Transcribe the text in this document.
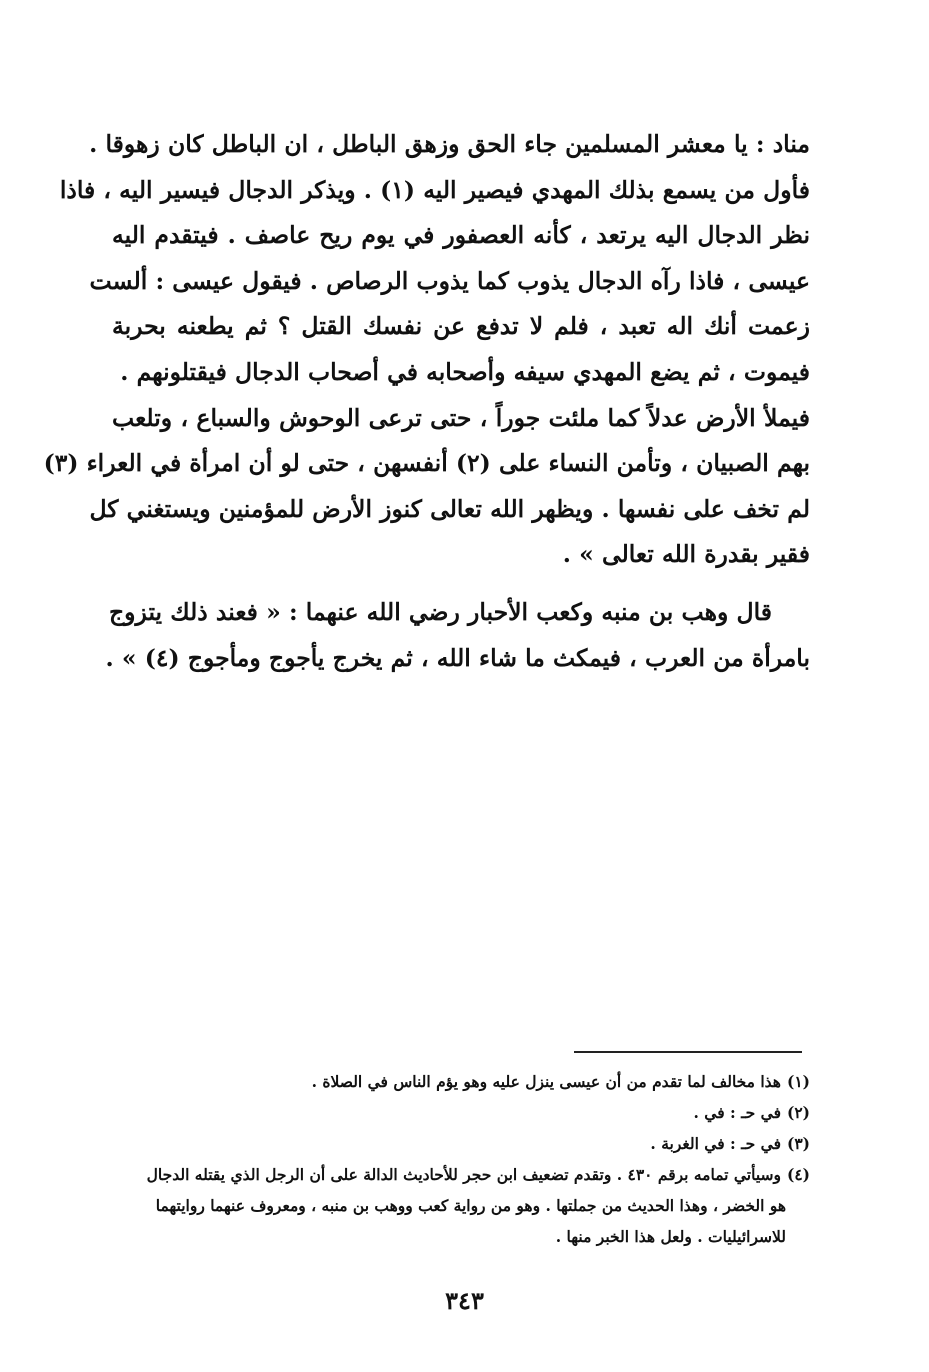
مناد : يا معشر المسلمين جاء الحق وزهق الباطل ، ان الباطل كان زهوقا .
فأول من يسمع بذلك المهدي فيصير اليه (١) . ويذكر الدجال فيسير اليه ، فاذا
نظر الدجال اليه يرتعد ، كأنه العصفور في يوم ريح عاصف . فيتقدم اليه
عيسى ، فاذا رآه الدجال يذوب كما يذوب الرصاص . فيقول عيسى : ألست
زعمت أنك اله تعبد ، فلم لا تدفع عن نفسك القتل ؟ ثم يطعنه بحربة
فيموت ، ثم يضع المهدي سيفه وأصحابه في أصحاب الدجال فيقتلونهم .
فيملأ الأرض عدلاً كما ملئت جوراً ، حتى ترعى الوحوش والسباع ، وتلعب
بهم الصبيان ، وتأمن النساء على (٢) أنفسهن ، حتى لو أن امرأة في العراء (٣)
لم تخف على نفسها . ويظهر الله تعالى كنوز الأرض للمؤمنين ويستغني كل
فقير بقدرة الله تعالى » .
قال وهب بن منبه وكعب الأحبار رضي الله عنهما : « فعند ذلك يتزوج
بامرأة من العرب ، فيمكث ما شاء الله ، ثم يخرج يأجوج ومأجوج (٤) » .
(١)هذا مخالف لما تقدم من أن عيسى ينزل عليه وهو يؤم الناس في الصلاة .
(٢)في حـ : في .
(٣)في حـ : في الغربة .
(٤)وسيأتي تمامه برقم ٤٣٠ . وتقدم تضعيف ابن حجر للأحاديث الدالة على أن الرجل الذي يقتله الدجال
هو الخضر ، وهذا الحديث من جملتها . وهو من رواية كعب ووهب بن منبه ، ومعروف عنهما روايتهما
للاسرائيليات . ولعل هذا الخبر منها .
٣٤٣
